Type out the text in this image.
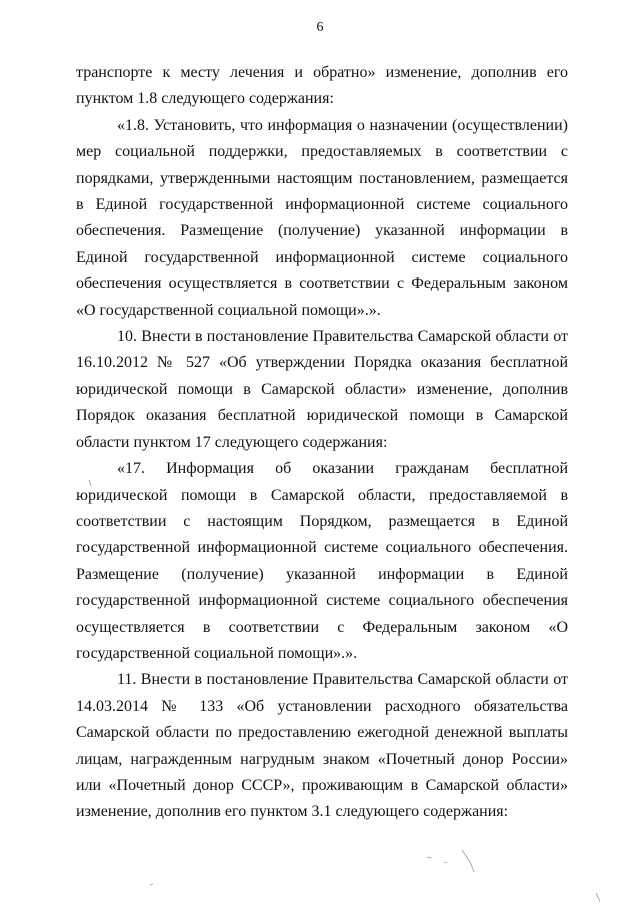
6

транспорте к месту лечения и обратно» изменение, дополнив его пунктом 1.8 следующего содержания:

«1.8. Установить, что информация о назначении (осуществлении) мер социальной поддержки, предоставляемых в соответствии с порядками, утвержденными настоящим постановлением, размещается в Единой государственной информационной системе социального обеспечения. Размещение (получение) указанной информации в Единой государственной информационной системе социального обеспечения осуществляется в соответствии с Федеральным законом «О государственной социальной помощи».».

10. Внести в постановление Правительства Самарской области от 16.10.2012 № 527 «Об утверждении Порядка оказания бесплатной юридической помощи в Самарской области» изменение, дополнив Порядок оказания бесплатной юридической помощи в Самарской области пунктом 17 следующего содержания:

«17. Информация об оказании гражданам бесплатной юридической помощи в Самарской области, предоставляемой в соответствии с настоящим Порядком, размещается в Единой государственной информационной системе социального обеспечения. Размещение (получение) указанной информации в Единой государственной информационной системе социального обеспечения осуществляется в соответствии с Федеральным законом «О государственной социальной помощи».».

11. Внести в постановление Правительства Самарской области от 14.03.2014 № 133 «Об установлении расходного обязательства Самарской области по предоставлению ежегодной денежной выплаты лицам, награжденным нагрудным знаком «Почетный донор России» или «Почетный донор СССР», проживающим в Самарской области» изменение, дополнив его пунктом 3.1 следующего содержания:
